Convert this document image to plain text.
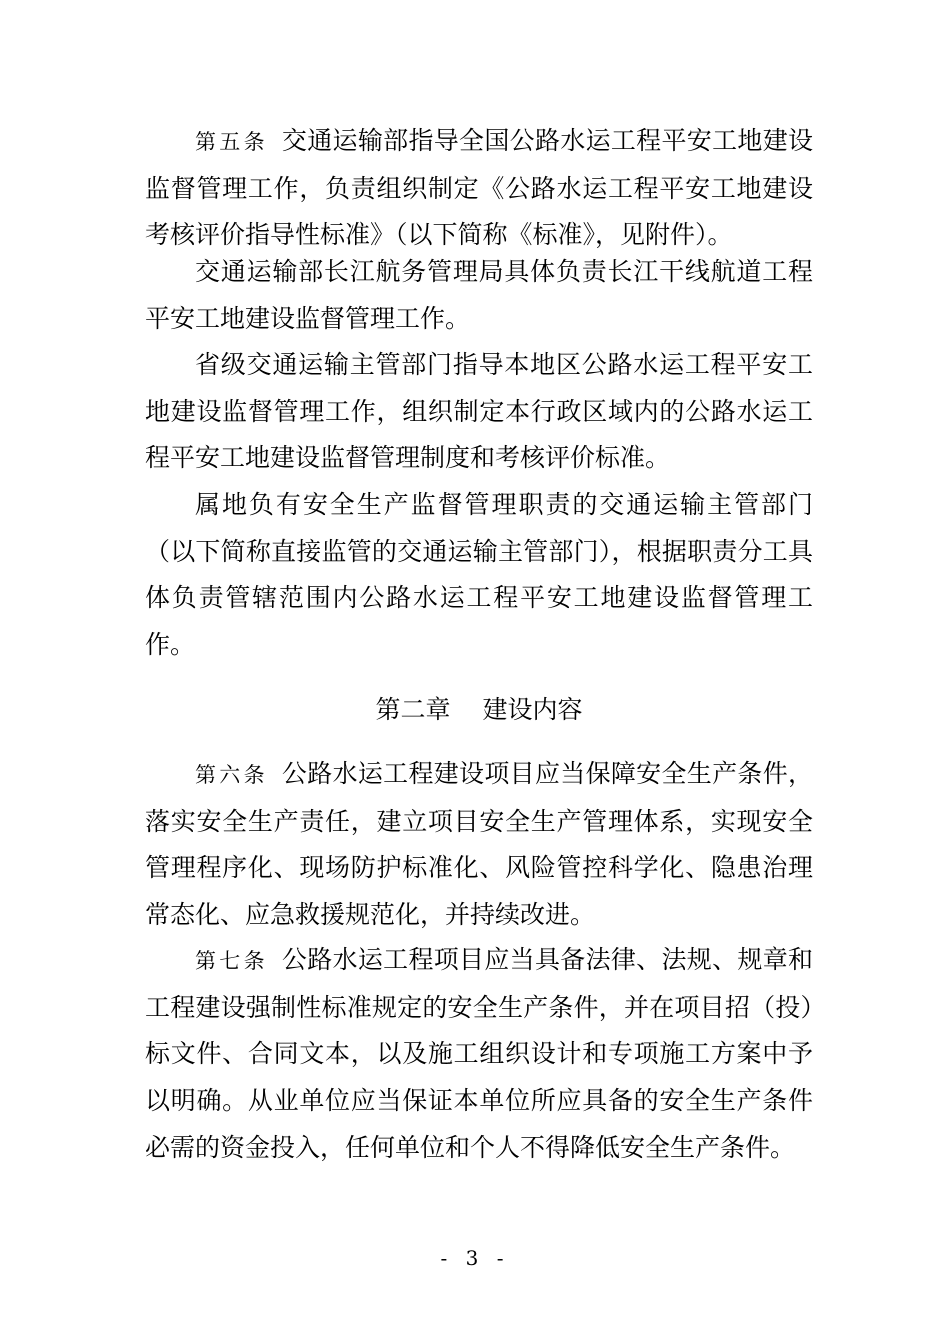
第五条 交通运输部指导全国公路水运工程平安工地建设监督管理工作，负责组织制定《公路水运工程平安工地建设考核评价指导性标准》（以下简称《标准》，见附件）。

交通运输部长江航务管理局具体负责长江干线航道工程平安工地建设监督管理工作。

省级交通运输主管部门指导本地区公路水运工程平安工地建设监督管理工作，组织制定本行政区域内的公路水运工程平安工地建设监督管理制度和考核评价标准。

属地负有安全生产监督管理职责的交通运输主管部门（以下简称直接监管的交通运输主管部门），根据职责分工具体负责管辖范围内公路水运工程平安工地建设监督管理工作。

第二章 建设内容

第六条 公路水运工程建设项目应当保障安全生产条件，落实安全生产责任，建立项目安全生产管理体系，实现安全管理程序化、现场防护标准化、风险管控科学化、隐患治理常态化、应急救援规范化，并持续改进。

第七条 公路水运工程项目应当具备法律、法规、规章和工程建设强制性标准规定的安全生产条件，并在项目招（投）标文件、合同文本，以及施工组织设计和专项施工方案中予以明确。从业单位应当保证本单位所应具备的安全生产条件必需的资金投入，任何单位和个人不得降低安全生产条件。

- 3 -
